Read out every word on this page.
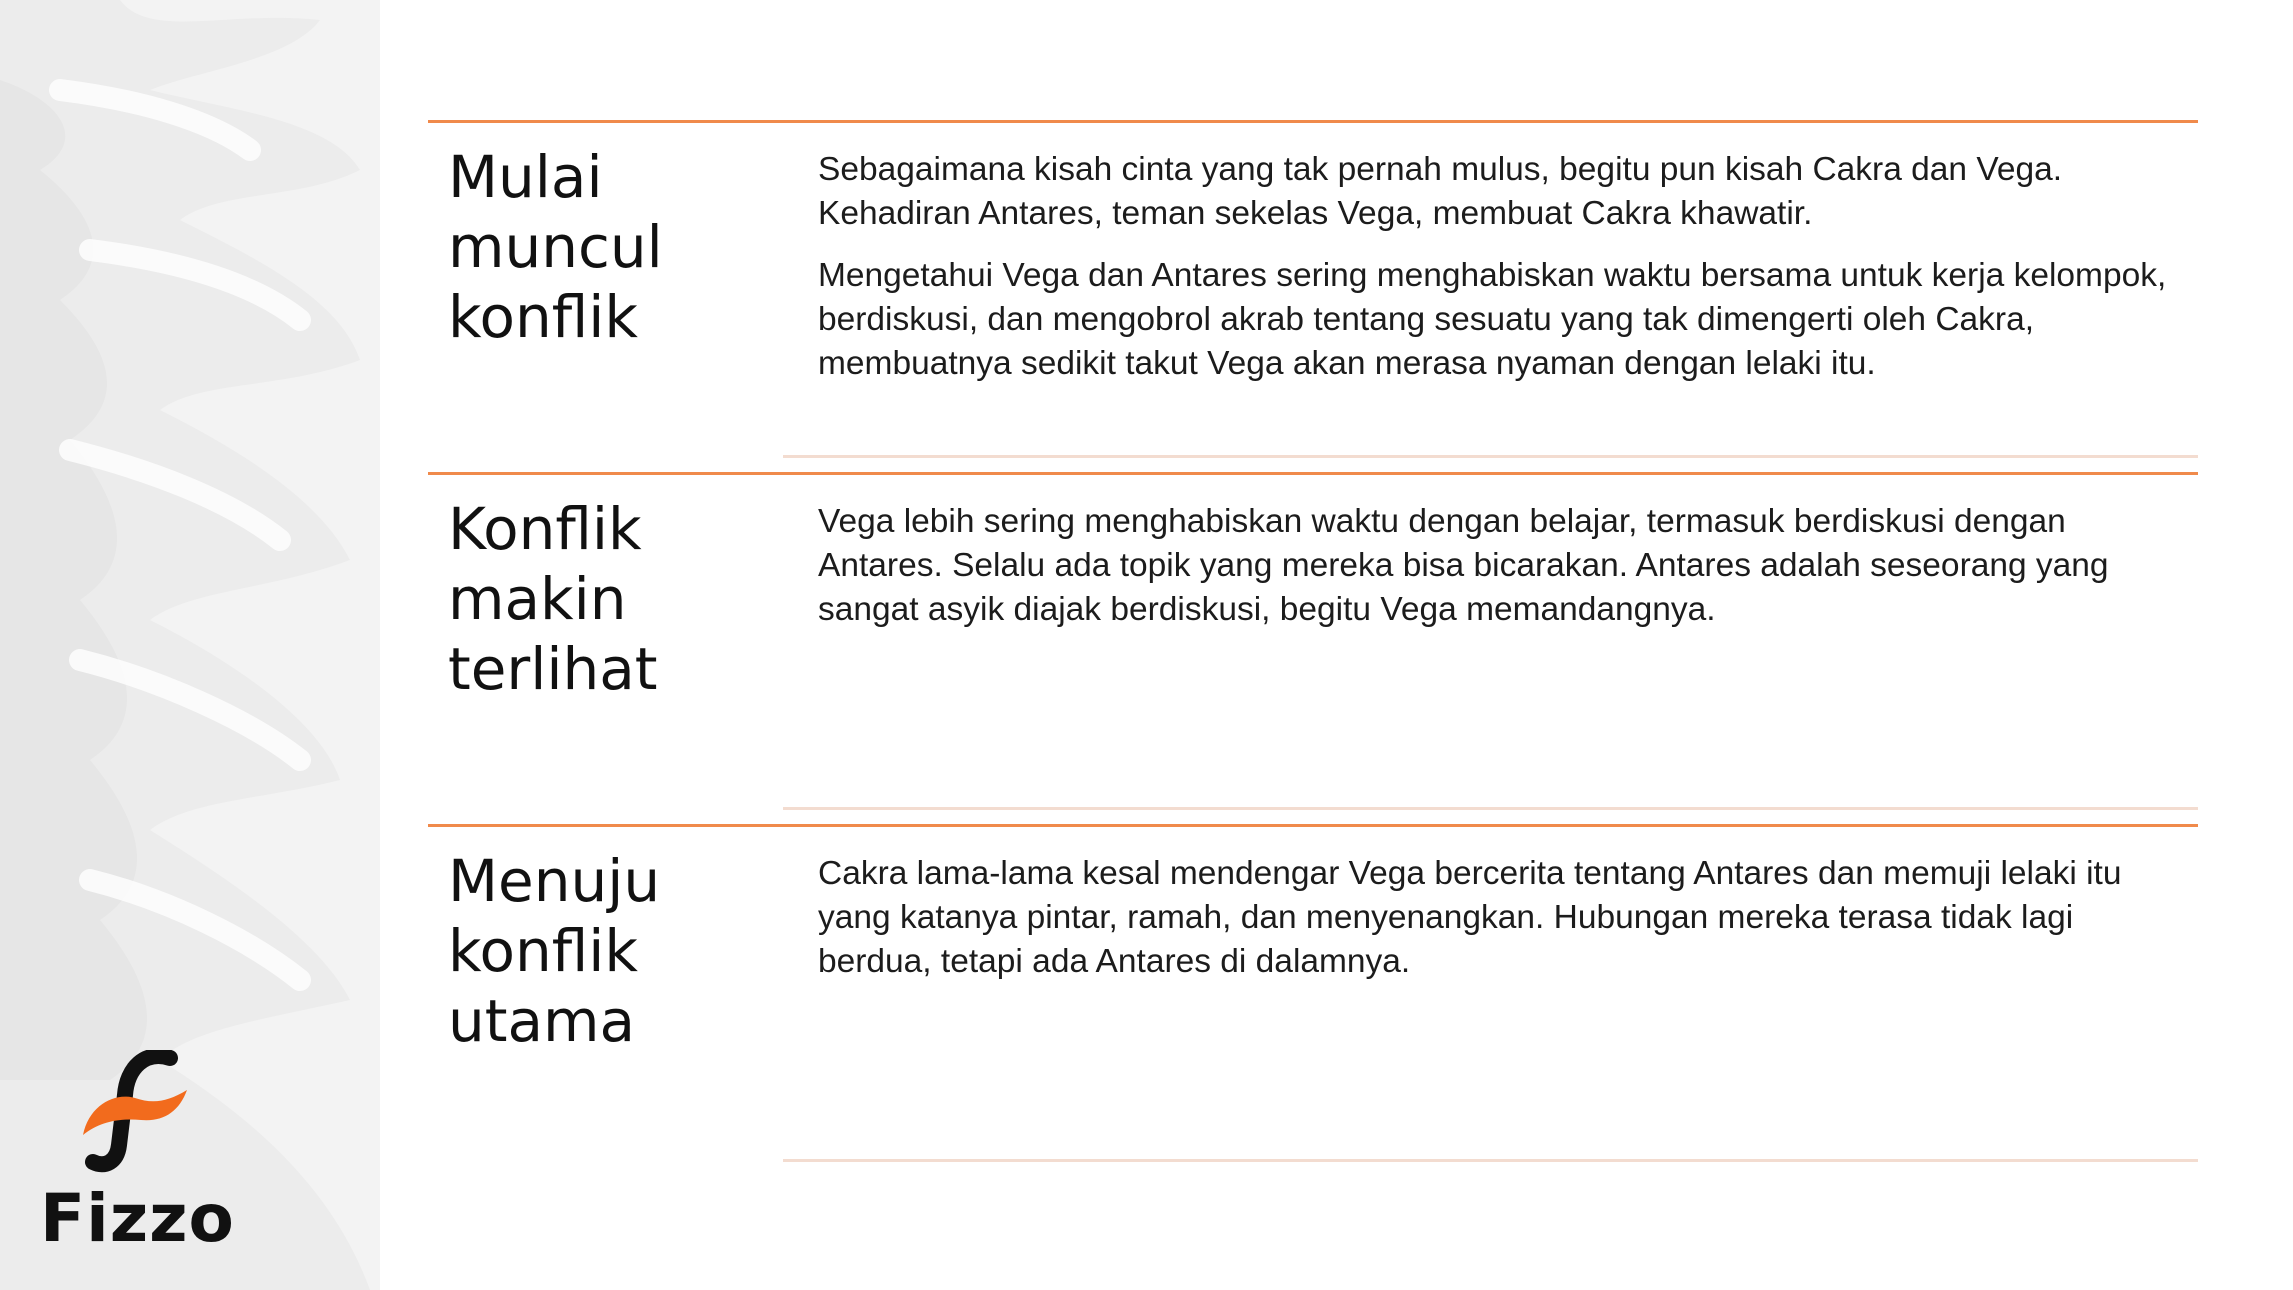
Mulai
muncul
konflik

Sebagaimana kisah cinta yang tak pernah mulus, begitu pun kisah Cakra dan Vega. Kehadiran Antares, teman sekelas Vega, membuat Cakra khawatir.

Mengetahui Vega dan Antares sering menghabiskan waktu bersama untuk kerja kelompok, berdiskusi, dan mengobrol akrab tentang sesuatu yang tak dimengerti oleh Cakra, membuatnya sedikit takut Vega akan merasa nyaman dengan lelaki itu.

Konflik
makin
terlihat

Vega lebih sering menghabiskan waktu dengan belajar, termasuk berdiskusi dengan Antares. Selalu ada topik yang mereka bisa bicarakan. Antares adalah seseorang yang sangat asyik diajak berdiskusi, begitu Vega memandangnya.

Menuju
konflik
utama

Cakra lama-lama kesal mendengar Vega bercerita tentang Antares dan memuji lelaki itu yang katanya pintar, ramah, dan menyenangkan. Hubungan mereka terasa tidak lagi berdua, tetapi ada Antares di dalamnya.

Fizzo
